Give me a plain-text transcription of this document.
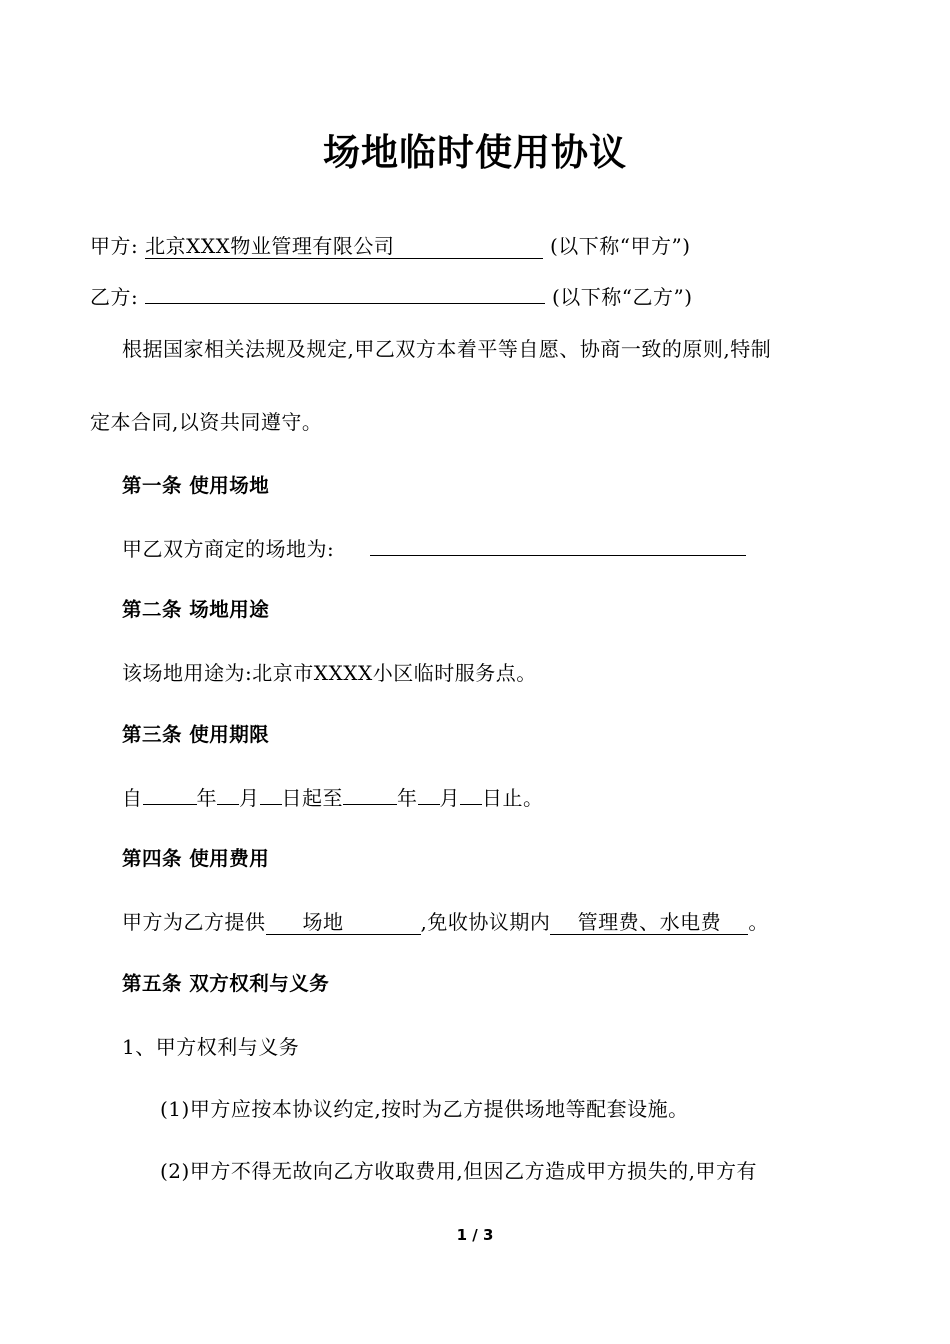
场地临时使用协议
甲方: 北京XXX物业管理有限公司	(以下称“甲方”)
乙方:	(以下称“乙方”)
根据国家相关法规及规定,甲乙双方本着平等自愿、协商一致的原则,特制
定本合同,以资共同遵守。
第一条 使用场地
甲乙双方商定的场地为:
第二条 场地用途
该场地用途为:北京市XXXX小区临时服务点。
第三条 使用期限
自	年 月 日起至	年 月 日止。
第四条 使用费用
甲方为乙方提供 场地	,免收协议期内 管理费、水电费 。
第五条 双方权利与义务
1、甲方权利与义务
(1)甲方应按本协议约定,按时为乙方提供场地等配套设施。
(2)甲方不得无故向乙方收取费用,但因乙方造成甲方损失的,甲方有
1 / 3
